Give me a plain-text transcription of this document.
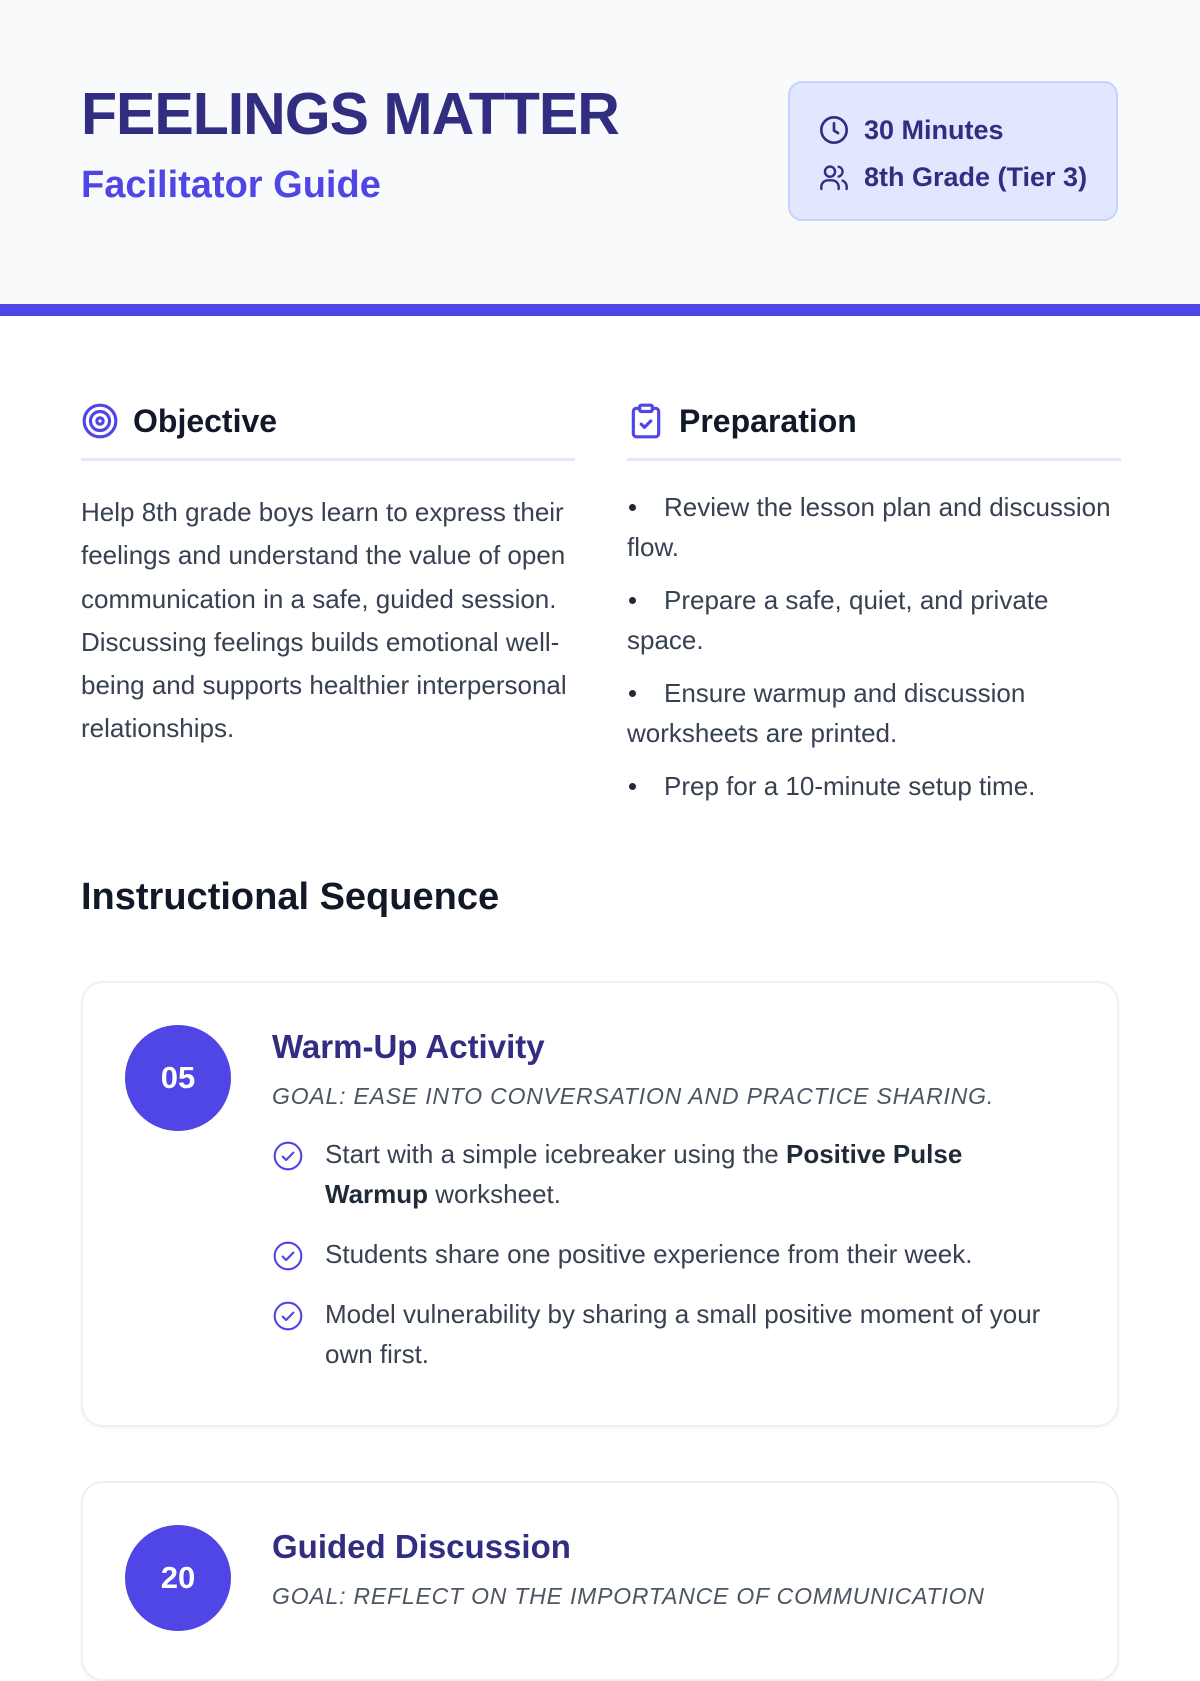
FEELINGS MATTER
Facilitator Guide
30 Minutes
8th Grade (Tier 3)
Objective
Help 8th grade boys learn to express their feelings and understand the value of open communication in a safe, guided session. Discussing feelings builds emotional well-being and supports healthier interpersonal relationships.
Preparation
Review the lesson plan and discussion flow.
Prepare a safe, quiet, and private space.
Ensure warmup and discussion worksheets are printed.
Prep for a 10-minute setup time.
Instructional Sequence
05
Warm-Up Activity
GOAL: EASE INTO CONVERSATION AND PRACTICE SHARING.
Start with a simple icebreaker using the Positive Pulse Warmup worksheet.
Students share one positive experience from their week.
Model vulnerability by sharing a small positive moment of your own first.
20
Guided Discussion
GOAL: REFLECT ON THE IMPORTANCE OF COMMUNICATION
